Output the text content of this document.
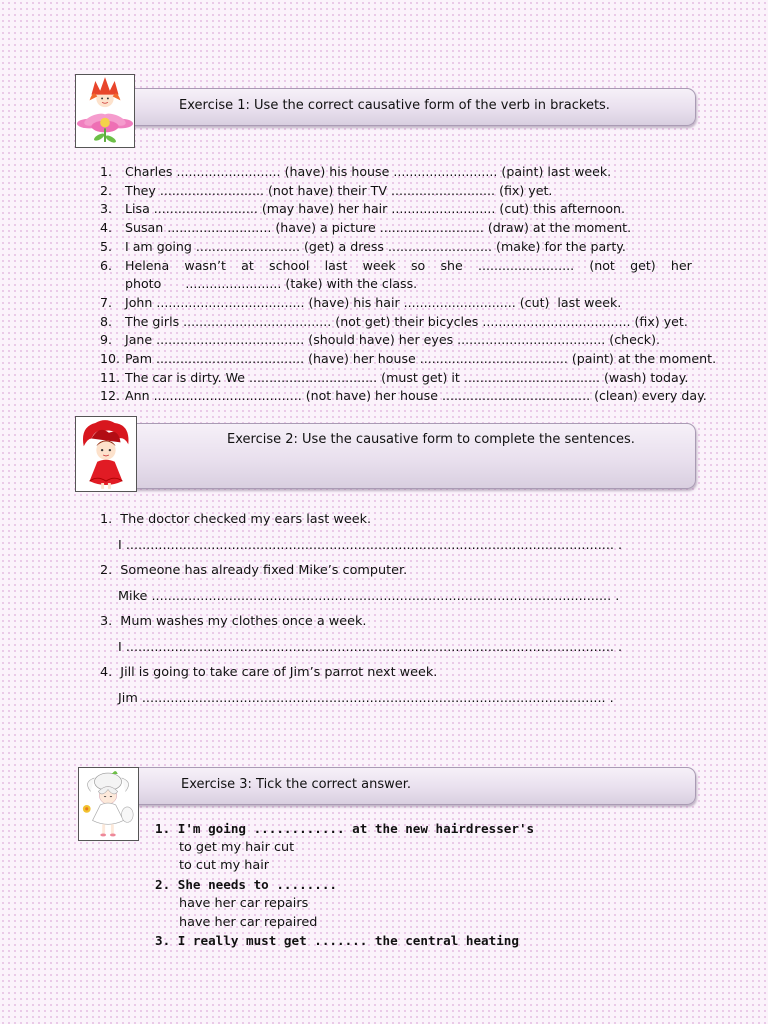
Exercise 1: Use the correct causative form of the verb in brackets.
1.	Charles .......................... (have) his house .......................... (paint) last week.
2.	They .......................... (not have) their TV .......................... (fix) yet.
3.	Lisa .......................... (may have) her hair .......................... (cut) this afternoon.
4.	Susan .......................... (have) a picture .......................... (draw) at the moment.
5.	I am going .......................... (get) a dress .......................... (make) for the party.
6.	Helena wasn’t at school last week so she ........................ (not get) her
photo      ........................ (take) with the class.
7.	John ..................................... (have) his hair ............................ (cut)  last week.
8.	The girls ..................................... (not get) their bicycles ..................................... (fix) yet.
9.	Jane ..................................... (should have) her eyes ..................................... (check).
10. Pam ..................................... (have) her house ..................................... (paint) at the moment.
11. The car is dirty. We ................................ (must get) it .................................. (wash) today.
12. Ann ..................................... (not have) her house ..................................... (clean) every day.
Exercise 2: Use the causative form to complete the sentences.
1. The doctor checked my ears last week.
I ........................................................................................................................ .
2. Someone has already fixed Mike’s computer.
Mike ................................................................................................................. .
3. Mum washes my clothes once a week.
I ........................................................................................................................ .
4. Jill is going to take care of Jim’s parrot next week.
Jim .................................................................................................................. .
Exercise 3: Tick the correct answer.
1. I'm going ............ at the new hairdresser's
to get my hair cut
to cut my hair
2. She needs to ........
have her car repairs
have her car repaired
3. I really must get ....... the central heating
